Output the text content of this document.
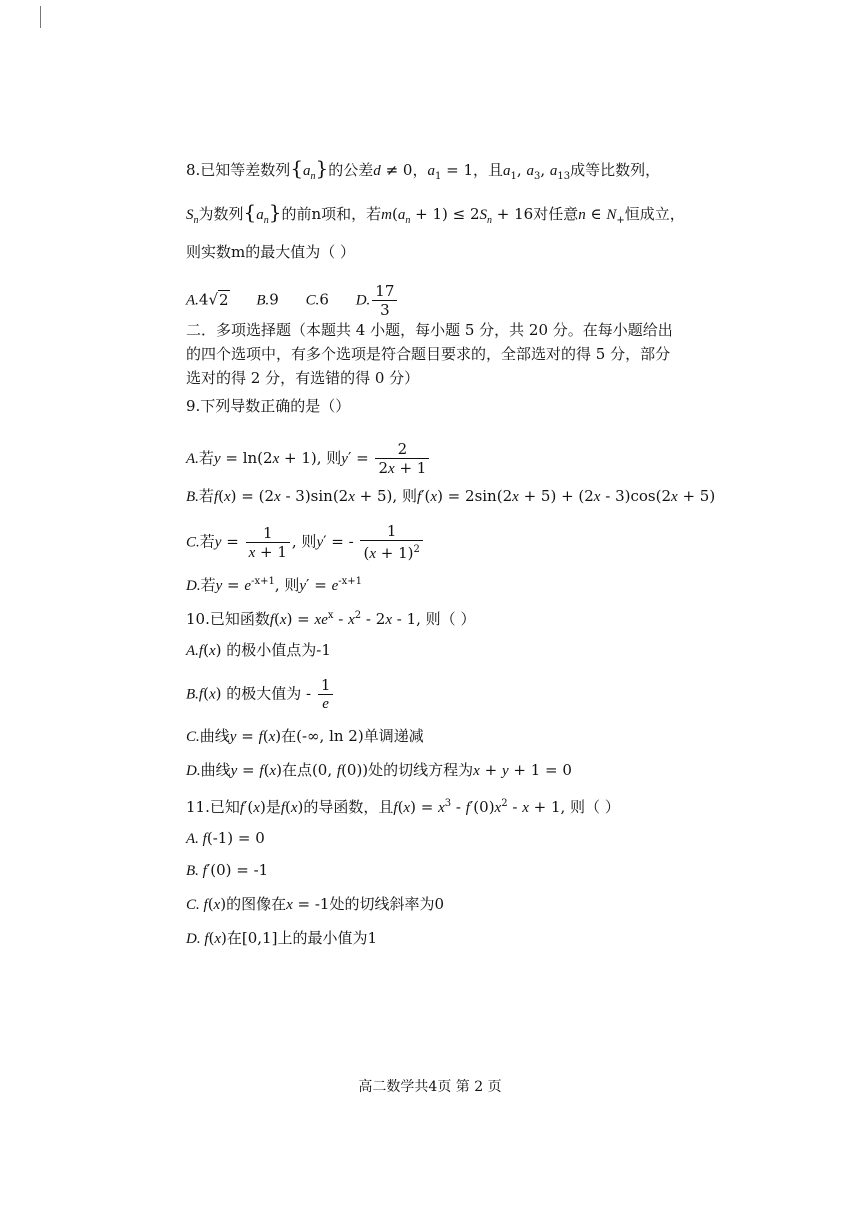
8.已知等差数列$\{a_n\}$的公差d ≠ 0，$a_1 = 1$，且$a_1$, $a_3$, $a_{13}$成等比数列，
$S_n$为数列$\{a_n\}$的前n项和，若$m(a_n + 1) \le 2S_n + 16$对任意n ∈ $N_+$恒成立，
则实数m的最大值为（ ）
A.4√2 B.9 C.6 D. $\frac{17}{3}$
二．多项选择题（本题共 4 小题，每小题 5 分，共 20 分。在每小题给出
的四个选项中，有多个选项是符合题目要求的，全部选对的得 5 分，部分
选对的得 2 分，有选错的得 0 分）
9.下列导数正确的是（）
A.若y = ln(2x + 1), 则$y' = \frac{2}{2x + 1}$
B.若f(x) = (2x - 3)sin(2x + 5), 则f′(x) = 2sin(2x + 5) + (2x - 3)cos(2x + 5)
C.若$y = \frac{1}{x + 1}$ , 则y′ = - $\frac{1}{(x + 1)^2}$
D.若$y = e^{-x+1}$, 则$y' = e^{-x+1}$
10.已知函数$f(x) = xe^x - x^2 - 2x - 1$, 则（ ）
A.f(x) 的极小值点为-1
B.f(x) 的极大值为 - $\frac{1}{e}$
C.曲线y = f(x)在(-∞, ln 2)单调递减
D.曲线y = f(x)在点(0, f(0))处的切线方程为x + y + 1 = 0
11.已知f′(x)是f(x)的导函数，且$f(x) = x^3 - f'(0)x^2 - x + 1$, 则（ ）
A. f(-1) = 0
B. f′(0) = -1
C. f(x)的图像在x = -1处的切线斜率为0
D. f(x)在[0,1]上的最小值为1
高二数学共4页 第 2 页
